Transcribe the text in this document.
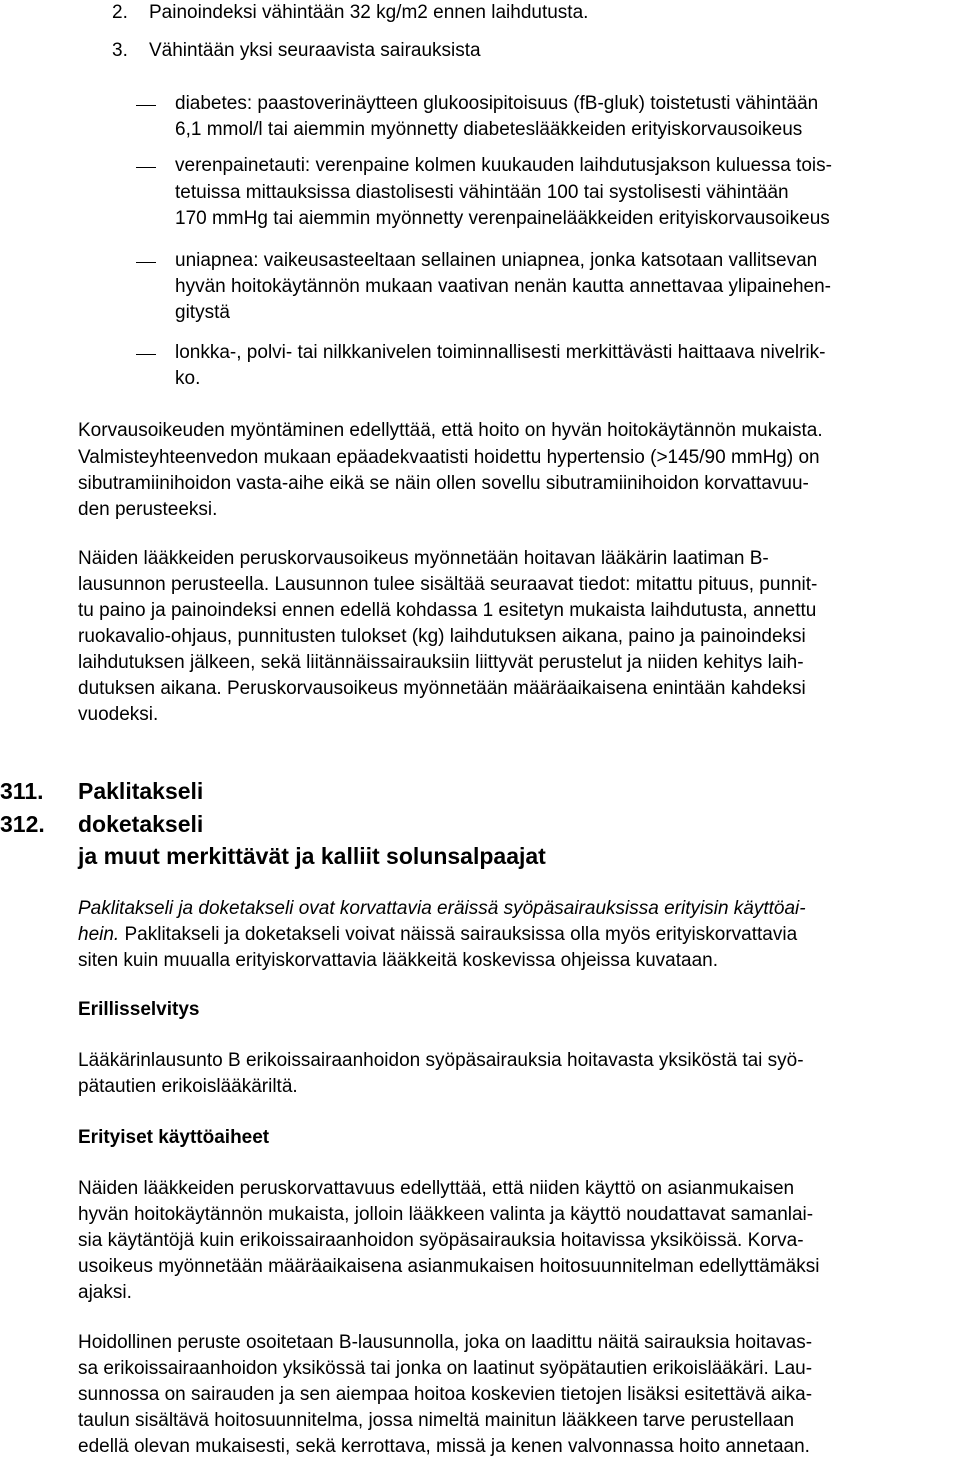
2. Painoindeksi vähintään 32 kg/m2 ennen laihdutusta.
3. Vähintään yksi seuraavista sairauksista
diabetes: paastoverinäytteen glukoosipitoisuus (fB-gluk) toistetusti vähintään
6,1 mmol/l tai aiemmin myönnetty diabeteslääkkeiden erityiskorvausoikeus
verenpainetauti: verenpaine kolmen kuukauden laihdutusjakson kuluessa tois-
tetuissa mittauksissa diastolisesti vähintään 100 tai systolisesti vähintään
170 mmHg tai aiemmin myönnetty verenpainelääkkeiden erityiskorvausoikeus
uniapnea: vaikeusasteeltaan sellainen uniapnea, jonka katsotaan vallitsevan
hyvän hoitokäytännön mukaan vaativan nenän kautta annettavaa ylipainehen-
gitystä
lonkka-, polvi- tai nilkkanivelen toiminnallisesti merkittävästi haittaava nivelrik-
ko.
Korvausoikeuden myöntäminen edellyttää, että hoito on hyvän hoitokäytännön mukaista.
Valmisteyhteenvedon mukaan epäadekvaatisti hoidettu hypertensio (>145/90 mmHg) on
sibutramiinihoidon vasta-aihe eikä se näin ollen sovellu sibutramiinihoidon korvattavuu-
den perusteeksi.
Näiden lääkkeiden peruskorvausoikeus myönnetään hoitavan lääkärin laatiman B-
lausunnon perusteella. Lausunnon tulee sisältää seuraavat tiedot: mitattu pituus, punnit-
tu paino ja painoindeksi ennen edellä kohdassa 1 esitetyn mukaista laihdutusta, annettu
ruokavalio-ohjaus, punnitusten tulokset (kg) laihdutuksen aikana, paino ja painoindeksi
laihdutuksen jälkeen, sekä liitännäissairauksiin liittyvät perustelut ja niiden kehitys laih-
dutuksen aikana. Peruskorvausoikeus myönnetään määräaikaisena enintään kahdeksi
vuodeksi.
311. Paklitakseli
312. doketakseli
ja muut merkittävät ja kalliit solunsalpaajat
Paklitakseli ja doketakseli ovat korvattavia eräissä syöpäsairauksissa erityisin käyttöai-
hein. Paklitakseli ja doketakseli voivat näissä sairauksissa olla myös erityiskorvattavia
siten kuin muualla erityiskorvattavia lääkkeitä koskevissa ohjeissa kuvataan.
Erillisselvitys
Lääkärinlausunto B erikoissairaanhoidon syöpäsairauksia hoitavasta yksiköstä tai syö-
pätautien erikoislääkäriltä.
Erityiset käyttöaiheet
Näiden lääkkeiden peruskorvattavuus edellyttää, että niiden käyttö on asianmukaisen
hyvän hoitokäytännön mukaista, jolloin lääkkeen valinta ja käyttö noudattavat samanlai-
sia käytäntöjä kuin erikoissairaanhoidon syöpäsairauksia hoitavissa yksiköissä. Korva-
usoikeus myönnetään määräaikaisena asianmukaisen hoitosuunnitelman edellyttämäksi
ajaksi.
Hoidollinen peruste osoitetaan B-lausunnolla, joka on laadittu näitä sairauksia hoitavas-
sa erikoissairaanhoidon yksikössä tai jonka on laatinut syöpätautien erikoislääkäri. Lau-
sunnossa on sairauden ja sen aiempaa hoitoa koskevien tietojen lisäksi esitettävä aika-
taulun sisältävä hoitosuunnitelma, jossa nimeltä mainitun lääkkeen tarve perustellaan
edellä olevan mukaisesti, sekä kerrottava, missä ja kenen valvonnassa hoito annetaan.
